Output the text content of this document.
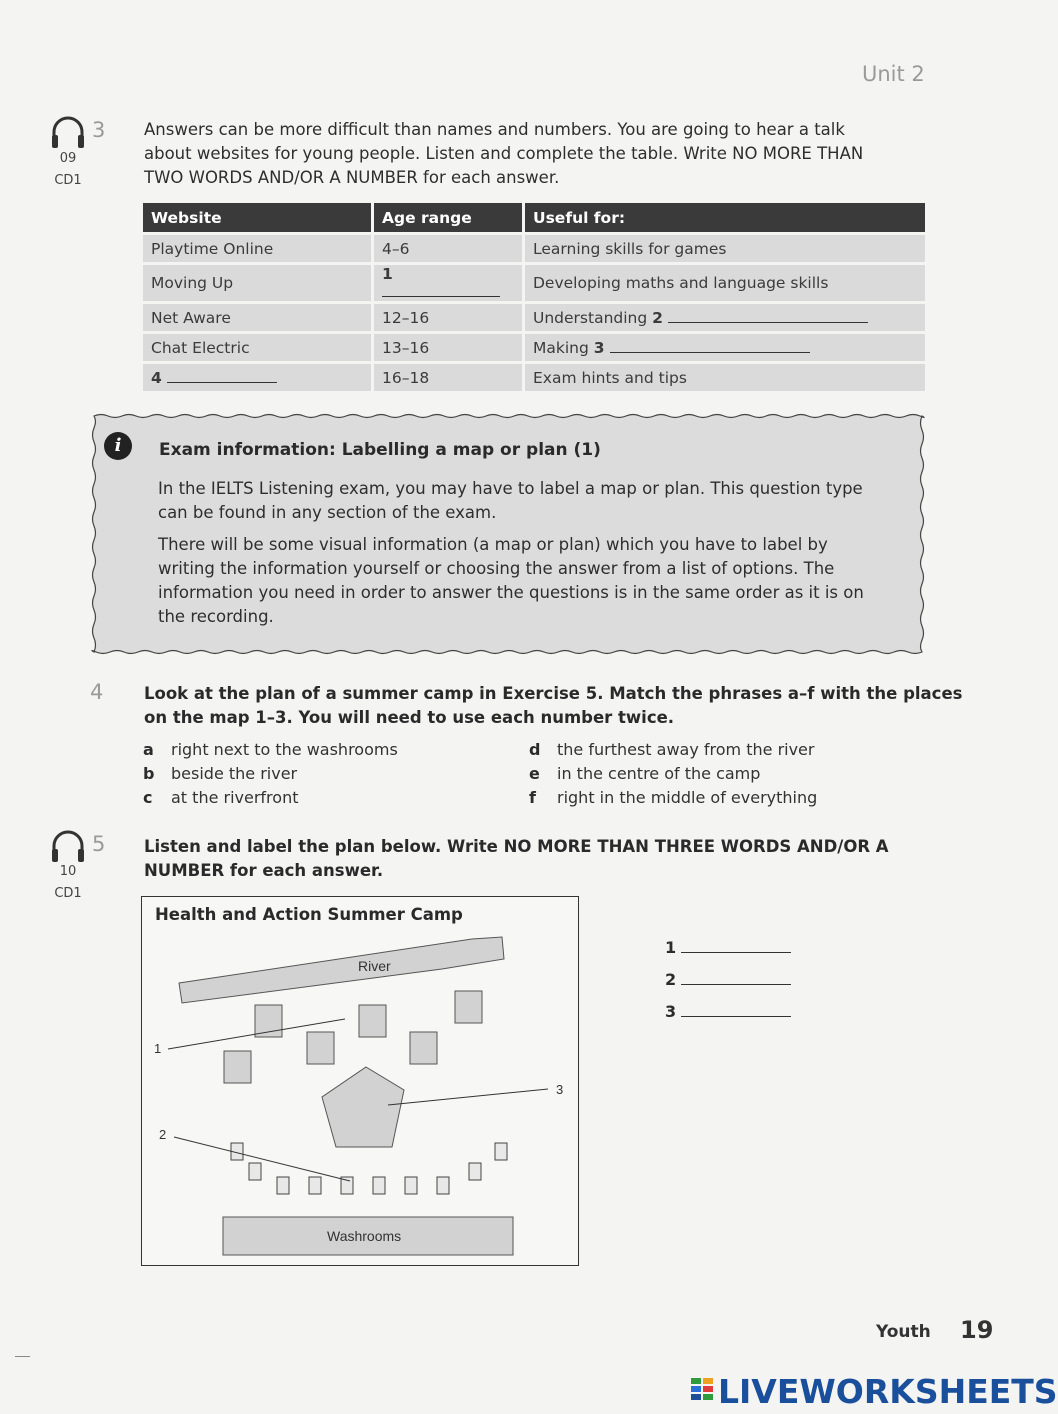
Unit 2
3
09
CD1
Answers can be more difficult than names and numbers. You are going to hear a talk
about websites for young people. Listen and complete the table. Write NO MORE THAN
TWO WORDS AND/OR A NUMBER for each answer.
Website	Age range	Useful for:
Playtime Online	4–6	Learning skills for games
Moving Up	1	Developing maths and language skills
Net Aware	12–16	Understanding 2
Chat Electric	13–16	Making 3
4	16–18	Exam hints and tips
i	Exam information: Labelling a map or plan (1)
In the IELTS Listening exam, you may have to label a map or plan. This question type
can be found in any section of the exam.
There will be some visual information (a map or plan) which you have to label by
writing the information yourself or choosing the answer from a list of options. The
information you need in order to answer the questions is in the same order as it is on
the recording.
4 Look at the plan of a summer camp in Exercise 5. Match the phrases a–f with the places
on the map 1–3. You will need to use each number twice.
a right next to the washrooms
b beside the river
c at the riverfront
d the furthest away from the river
e in the centre of the camp
f right in the middle of everything
5
10
CD1
Listen and label the plan below. Write NO MORE THAN THREE WORDS AND/OR A
NUMBER for each answer.
Health and Action Summer Camp
River
Washrooms
1
2
3
1
2
3
Youth 19
LIVEWORKSHEETS
